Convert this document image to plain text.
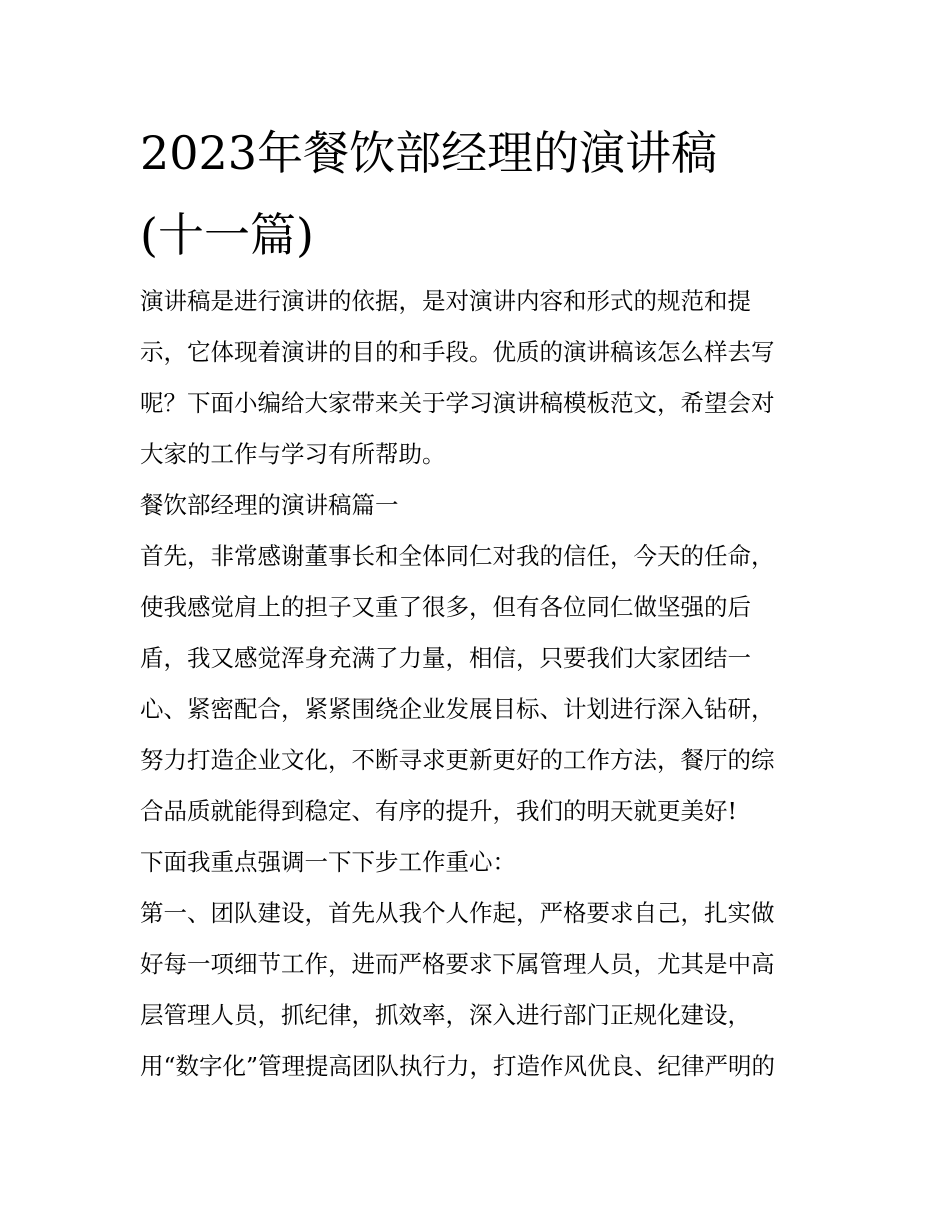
2023年餐饮部经理的演讲稿
(十一篇)
演讲稿是进行演讲的依据，是对演讲内容和形式的规范和提
示，它体现着演讲的目的和手段。优质的演讲稿该怎么样去写
呢？下面小编给大家带来关于学习演讲稿模板范文，希望会对
大家的工作与学习有所帮助。
餐饮部经理的演讲稿篇一
首先，非常感谢董事长和全体同仁对我的信任，今天的任命，
使我感觉肩上的担子又重了很多，但有各位同仁做坚强的后
盾，我又感觉浑身充满了力量，相信，只要我们大家团结一
心、紧密配合，紧紧围绕企业发展目标、计划进行深入钻研，
努力打造企业文化，不断寻求更新更好的工作方法，餐厅的综
合品质就能得到稳定、有序的提升，我们的明天就更美好!
下面我重点强调一下下步工作重心：
第一、团队建设，首先从我个人作起，严格要求自己，扎实做
好每一项细节工作，进而严格要求下属管理人员，尤其是中高
层管理人员，抓纪律，抓效率，深入进行部门正规化建设，
用“数字化”管理提高团队执行力，打造作风优良、纪律严明的
